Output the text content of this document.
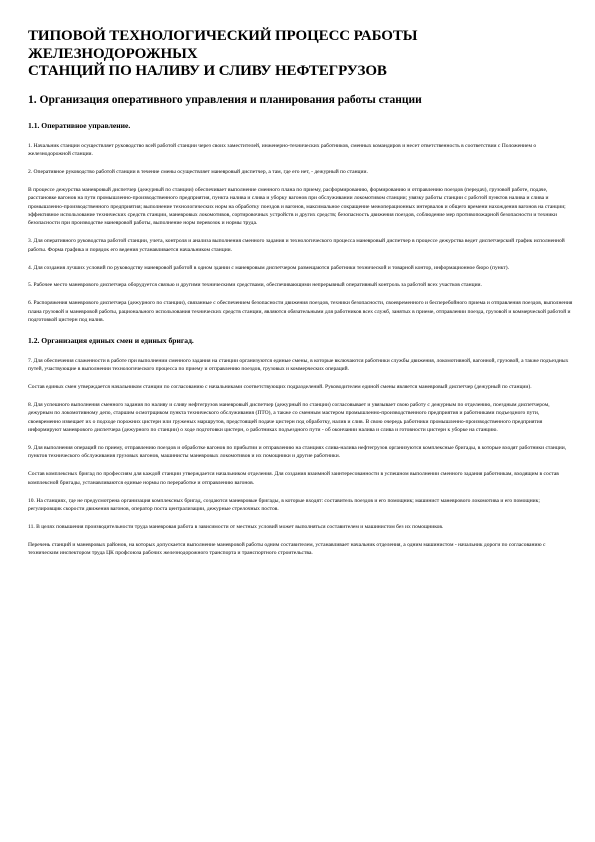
ТИПОВОЙ ТЕХНОЛОГИЧЕСКИЙ ПРОЦЕСС РАБОТЫ
ЖЕЛЕЗНОДОРОЖНЫХ
СТАНЦИЙ ПО НАЛИВУ И СЛИВУ НЕФТЕГРУЗОВ
1. Организация оперативного управления и планирования работы станции
1.1. Оперативное управление.

1. Начальник станции осуществляет руководство всей работой станции через своих заместителей, инженерно-технических работников, сменных командиров и несет ответственность в соответствии с Положением о железнодорожной станции.

2. Оперативное руководство работой станции в течение смены осуществляет маневровый диспетчер, а там, где его нет, - дежурный по станции.

В процессе дежурства маневровый диспетчер (дежурный по станции) обеспечивает выполнение сменного плана по приему, расформированию, формированию и отправлению поездов (передач), грузовой работе, подаче, расстановке вагонов на пути промышленно-производственного предприятия, пункта налива и слива и уборку вагонов при обслуживании локомотивом станции; увязку работы станции с работой пунктов налива и слива и промышленно-производственного предприятия; выполнение технологических норм на обработку поездов и вагонов, максимальное сокращение межоперационных интервалов и общего времени нахождения вагонов на станции; эффективное использование технических средств станции, маневровых локомотивов, сортировочных устройств и других средств; безопасность движения поездов, соблюдение мер противопожарной безопасности и техники безопасности при производстве маневровой работы, выполнение норм перевозок и нормы труда.

3. Для оперативного руководства работой станции, учета, контроля и анализа выполнения сменного задания и технологического процесса маневровый диспетчер в процессе дежурства ведет диспетчерский график исполненной работы. Форма графика и порядок его ведения устанавливается начальником станции.

4. Для создания лучших условий по руководству маневровой работой в одном здании с маневровым диспетчером размещаются работники технической и товарной контор, информационное бюро (пункт).

5. Рабочее место маневрового диспетчера оборудуется связью и другими техническими средствами, обеспечивающими непрерывный оперативный контроль за работой всех участков станции.

6. Распоряжения маневрового диспетчера (дежурного по станции), связанные с обеспечением безопасности движения поездов, техники безопасности, своевременного и бесперебойного приема и отправления поездов, выполнения плана грузовой и маневровой работы, рационального использования технических средств станции, являются обязательными для работников всех служб, занятых в приеме, отправлении поезда, грузовой и коммерческой работой и подготовкой цистерн под налив.

1.2. Организация единых смен и единых бригад.

7. Для обеспечения слаженности в работе при выполнении сменного задания на станции организуются единые смены, в которые включаются работники службы движения, локомотивной, вагонной, грузовой, а также подъездных путей, участвующие в выполнении технологического процесса по приему и отправлению поездов, грузовых и коммерческих операций.

Состав единых смен утверждается начальником станции по согласованию с начальниками соответствующих подразделений. Руководителем единой смены является маневровый диспетчер (дежурный по станции).

8. Для успешного выполнения сменного задания по наливу и сливу нефтегрузов маневровый диспетчер (дежурный по станции) согласовывает и увязывает свою работу с дежурным по отделению, поездным диспетчером, дежурным по локомотивному депо, старшим осмотрщиком пункта технического обслуживания (ПТО), а также со сменным мастером промышленно-производственного предприятия и работниками подъездного пути, своевременно извещает их о подходе порожних цистерн или груженых маршрутов, предстоящей подаче цистерн под обработку, налив и слив. В свою очередь работники промышленно-производственного предприятия информируют маневрового диспетчера (дежурного по станции) о ходе подготовки цистерн, о работниках подъездного пути - об окончании налива и слива и готовности цистерн к уборке на станцию.

9. Для выполнения операций по приему, отправлению поездов и обработке вагонов по прибытии и отправлению на станциях слива-налива нефтегрузов организуются комплексные бригады, в которые входят работники станции, пунктов технического обслуживания грузовых вагонов, машинисты маневровых локомотивов и их помощники и другие работники.

Состав комплексных бригад по профессиям для каждой станции утверждается начальником отделения. Для создания взаимной заинтересованности в успешном выполнении сменного задания работникам, входящим в состав комплексной бригады, устанавливаются единые нормы по переработке и отправлению вагонов.

10. На станциях, где не предусмотрена организация комплексных бригад, создаются маневровые бригады, в которые входят: составитель поездов и его помощник; машинист маневрового локомотива и его помощник; регулировщик скорости движения вагонов, оператор поста централизации, дежурные стрелочных постов.

11. В целях повышения производительности труда маневровая работа в зависимости от местных условий может выполняться составителем и машинистом без их помощников.

Перечень станций и маневровых районов, на которых допускается выполнение маневровой работы одним составителем, устанавливает начальник отделения, а одним машинистом - начальник дороги по согласованию с техническим инспектором труда ЦК профсоюза рабочих железнодорожного транспорта и транспортного строительства.
